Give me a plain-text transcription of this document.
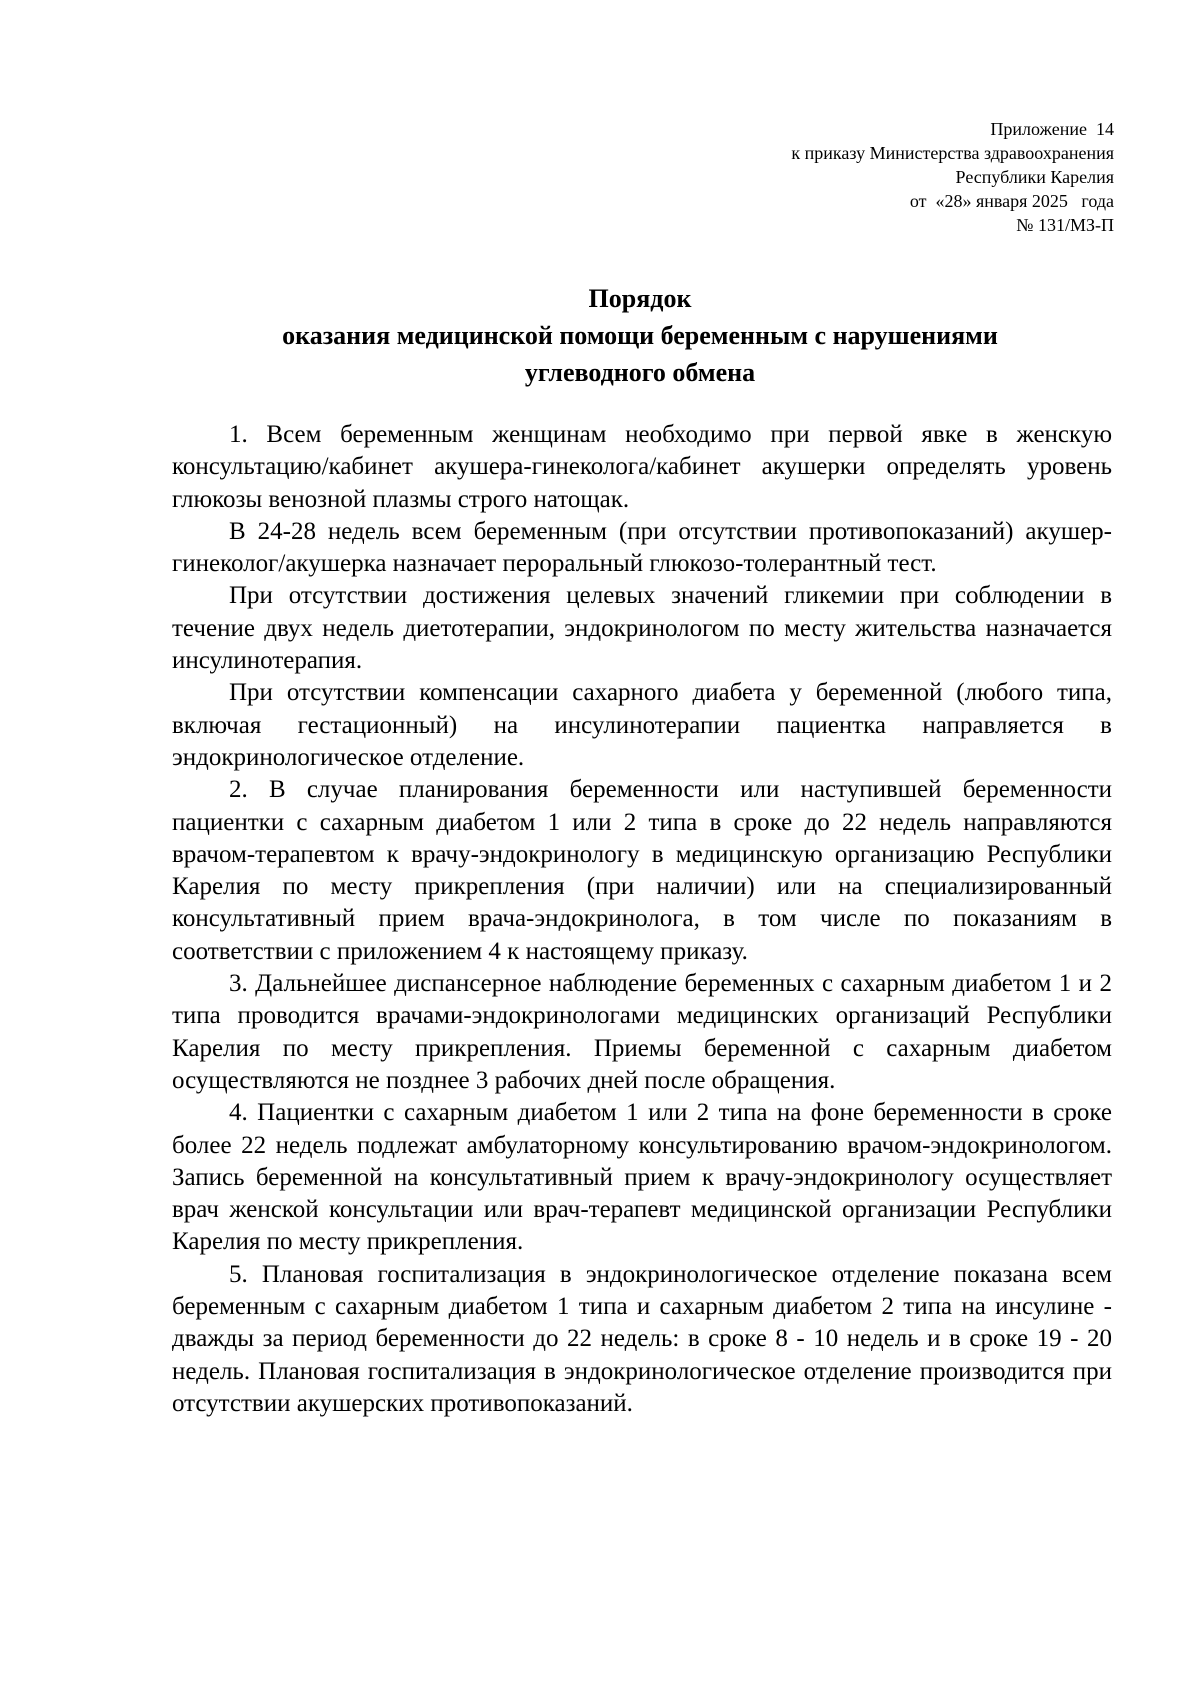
Приложение  14
к приказу Министерства здравоохранения
Республики Карелия
от  «28» января 2025   года
№ 131/МЗ-П
Порядок
оказания медицинской помощи беременным с нарушениями
углеводного обмена

1. Всем беременным женщинам необходимо при первой явке в женскую консультацию/кабинет акушера-гинеколога/кабинет акушерки определять уровень глюкозы венозной плазмы строго натощак.

В 24-28 недель всем беременным (при отсутствии противопоказаний) акушер-гинеколог/акушерка назначает пероральный глюкозо-толерантный тест.

При отсутствии достижения целевых значений гликемии при соблюдении в течение двух недель диетотерапии, эндокринологом по месту жительства назначается инсулинотерапия.

При отсутствии компенсации сахарного диабета у беременной (любого типа, включая гестационный) на инсулинотерапии пациентка направляется в эндокринологическое отделение.

2. В случае планирования беременности или наступившей беременности пациентки с сахарным диабетом 1 или 2 типа в сроке до 22 недель направляются врачом-терапевтом к врачу-эндокринологу в медицинскую организацию Республики Карелия по месту прикрепления (при наличии) или на специализированный консультативный прием врача-эндокринолога, в том числе по показаниям в соответствии с приложением 4 к настоящему приказу.

3. Дальнейшее диспансерное наблюдение беременных с сахарным диабетом 1 и 2 типа проводится врачами-эндокринологами медицинских организаций Республики Карелия по месту прикрепления. Приемы беременной с сахарным диабетом осуществляются не позднее 3 рабочих дней после обращения.

4. Пациентки с сахарным диабетом 1 или 2 типа на фоне беременности в сроке более 22 недель подлежат амбулаторному консультированию врачом-эндокринологом. Запись беременной на консультативный прием к врачу-эндокринологу осуществляет врач женской консультации или врач-терапевт медицинской организации Республики Карелия по месту прикрепления.

5. Плановая госпитализация в эндокринологическое отделение показана всем беременным с сахарным диабетом 1 типа и сахарным диабетом 2 типа на инсулине - дважды за период беременности до 22 недель: в сроке 8 - 10 недель и в сроке 19 - 20 недель. Плановая госпитализация в эндокринологическое отделение производится при отсутствии акушерских противопоказаний.
